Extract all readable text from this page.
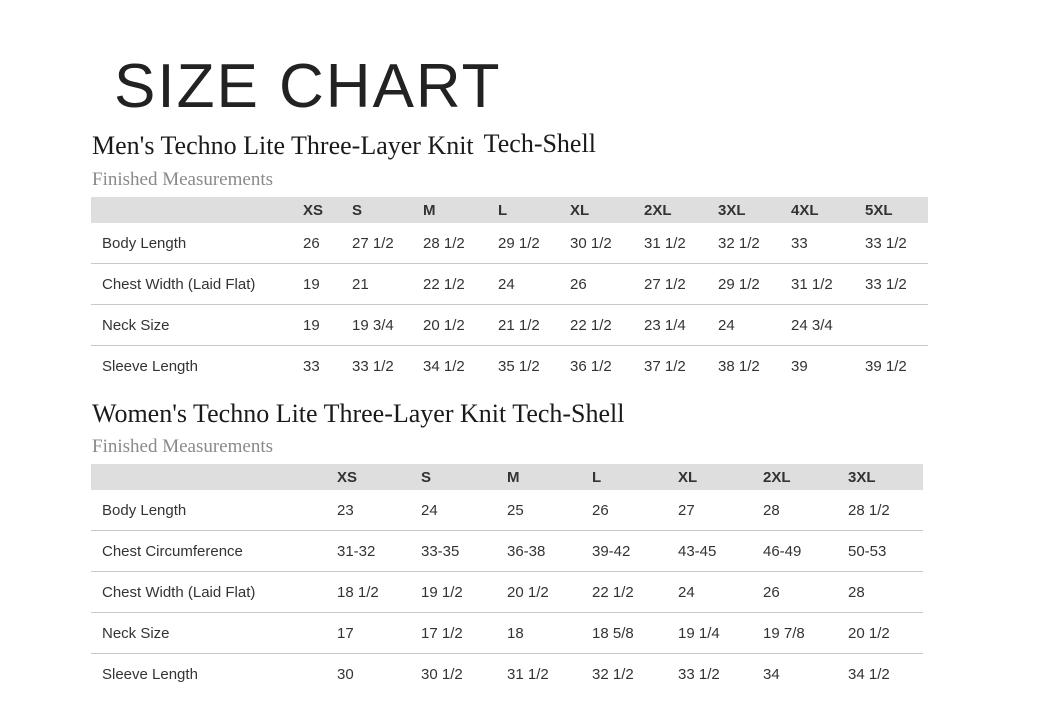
SIZE CHART
Men's Techno Lite Three-Layer Knit Tech-Shell

Finished Measurements

	XS	S	M	L	XL	2XL	3XL	4XL	5XL
Body Length	26	27 1/2	28 1/2	29 1/2	30 1/2	31 1/2	32 1/2	33	33 1/2
Chest Width (Laid Flat)	19	21	22 1/2	24	26	27 1/2	29 1/2	31 1/2	33 1/2
Neck Size	19	19 3/4	20 1/2	21 1/2	22 1/2	23 1/4	24	24 3/4	
Sleeve Length	33	33 1/2	34 1/2	35 1/2	36 1/2	37 1/2	38 1/2	39	39 1/2
Women's Techno Lite Three-Layer Knit Tech-Shell

Finished Measurements

	XS	S	M	L	XL	2XL	3XL
Body Length	23	24	25	26	27	28	28 1/2
Chest Circumference	31-32	33-35	36-38	39-42	43-45	46-49	50-53
Chest Width (Laid Flat)	18 1/2	19 1/2	20 1/2	22 1/2	24	26	28
Neck Size	17	17 1/2	18	18 5/8	19 1/4	19 7/8	20 1/2
Sleeve Length	30	30 1/2	31 1/2	32 1/2	33 1/2	34	34 1/2
